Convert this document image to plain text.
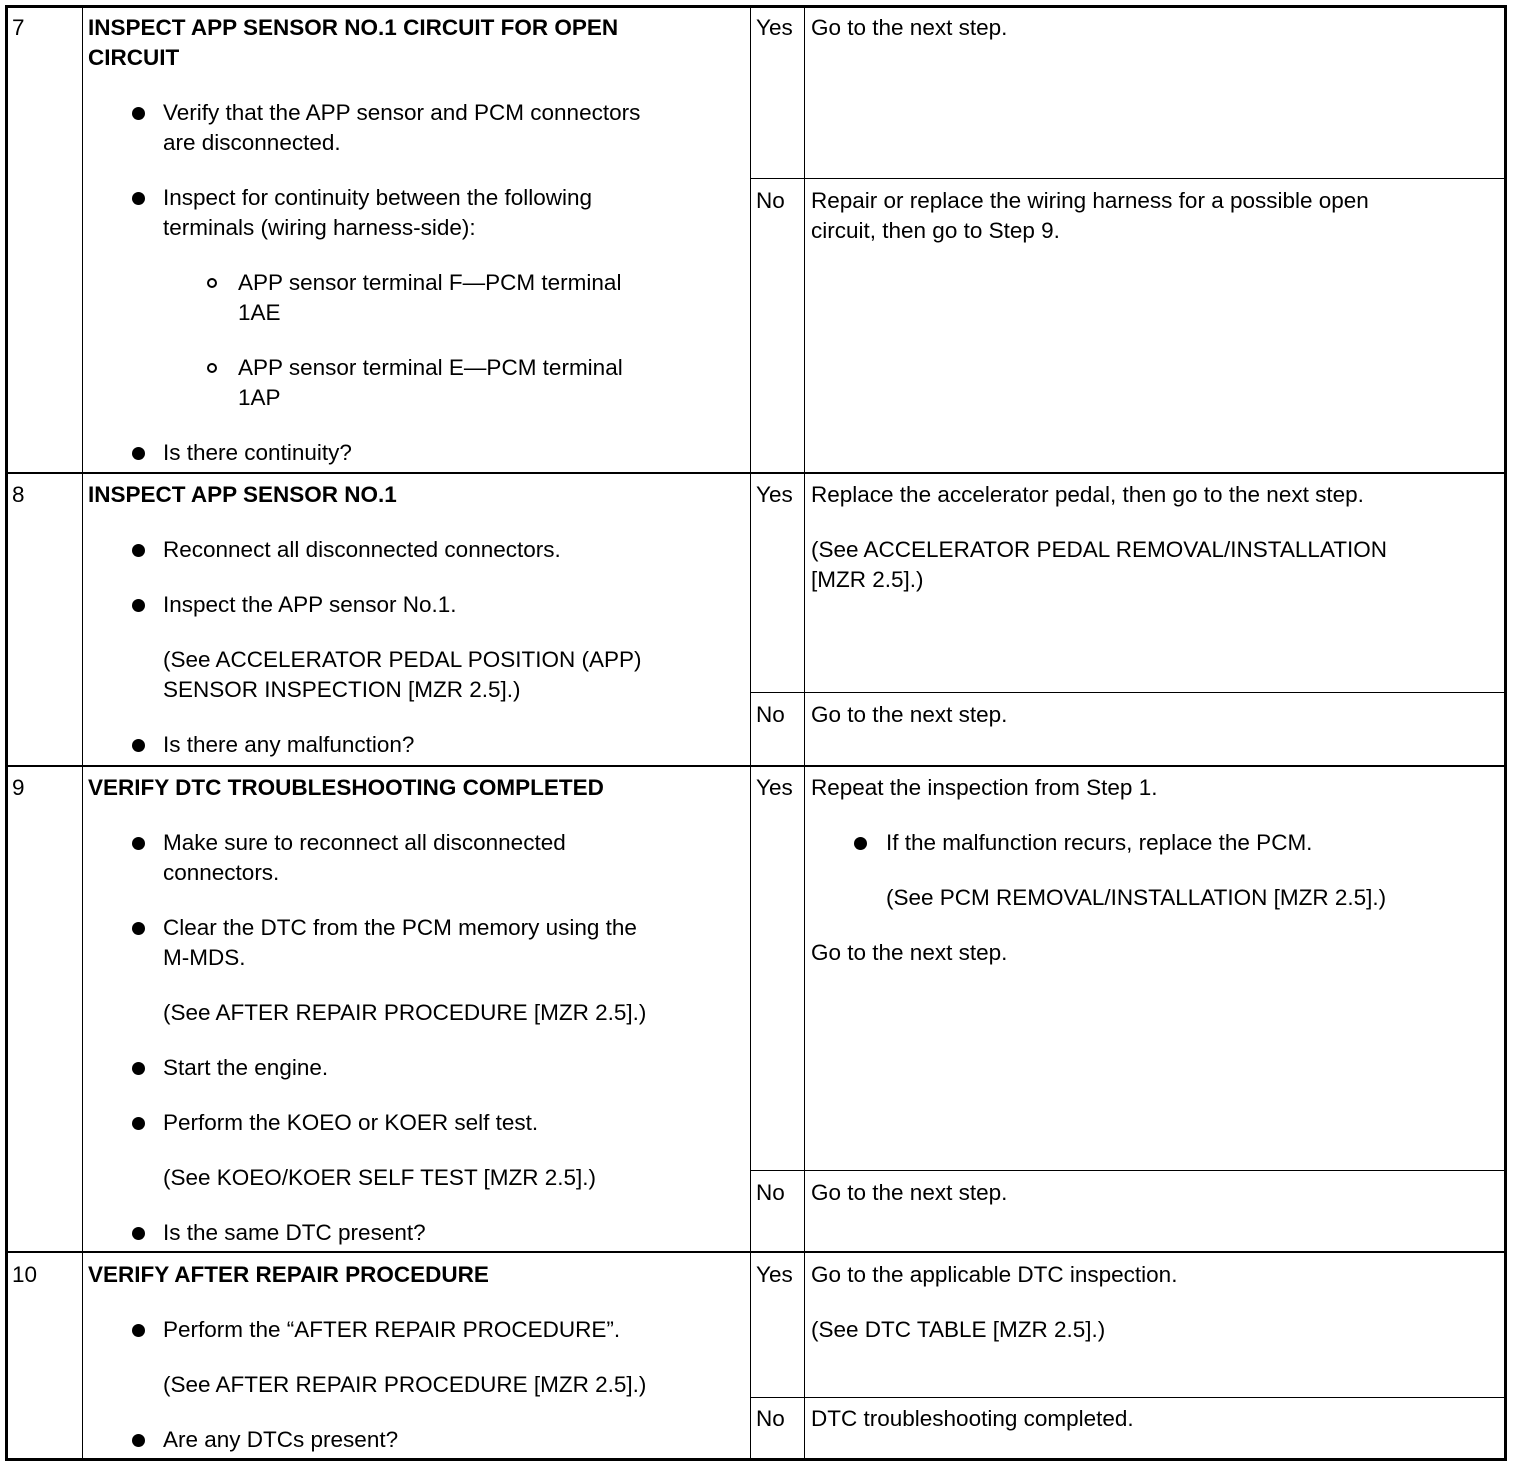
7	INSPECT APP SENSOR NO.1 CIRCUIT FOR OPEN
CIRCUIT
Verify that the APP sensor and PCM connectors
are disconnected.
Inspect for continuity between the following
terminals (wiring harness-side):
APP sensor terminal F—PCM terminal
1AE
APP sensor terminal E—PCM terminal
1AP
Is there continuity?
Yes Go to the next step.
No Repair or replace the wiring harness for a possible open
circuit, then go to Step 9.
8	INSPECT APP SENSOR NO.1
Reconnect all disconnected connectors.
Inspect the APP sensor No.1.
(See ACCELERATOR PEDAL POSITION (APP)
SENSOR INSPECTION [MZR 2.5].)
Is there any malfunction?
Yes Replace the accelerator pedal, then go to the next step.
(See ACCELERATOR PEDAL REMOVAL/INSTALLATION
[MZR 2.5].)
No Go to the next step.
9	VERIFY DTC TROUBLESHOOTING COMPLETED
Make sure to reconnect all disconnected
connectors.
Clear the DTC from the PCM memory using the
M-MDS.
(See AFTER REPAIR PROCEDURE [MZR 2.5].)
Start the engine.
Perform the KOEO or KOER self test.
(See KOEO/KOER SELF TEST [MZR 2.5].)
Is the same DTC present?
Yes Repeat the inspection from Step 1.
If the malfunction recurs, replace the PCM.
(See PCM REMOVAL/INSTALLATION [MZR 2.5].)
Go to the next step.
No Go to the next step.
10 VERIFY AFTER REPAIR PROCEDURE
Perform the “AFTER REPAIR PROCEDURE”.
(See AFTER REPAIR PROCEDURE [MZR 2.5].)
Are any DTCs present?
Yes Go to the applicable DTC inspection.
(See DTC TABLE [MZR 2.5].)
No DTC troubleshooting completed.
